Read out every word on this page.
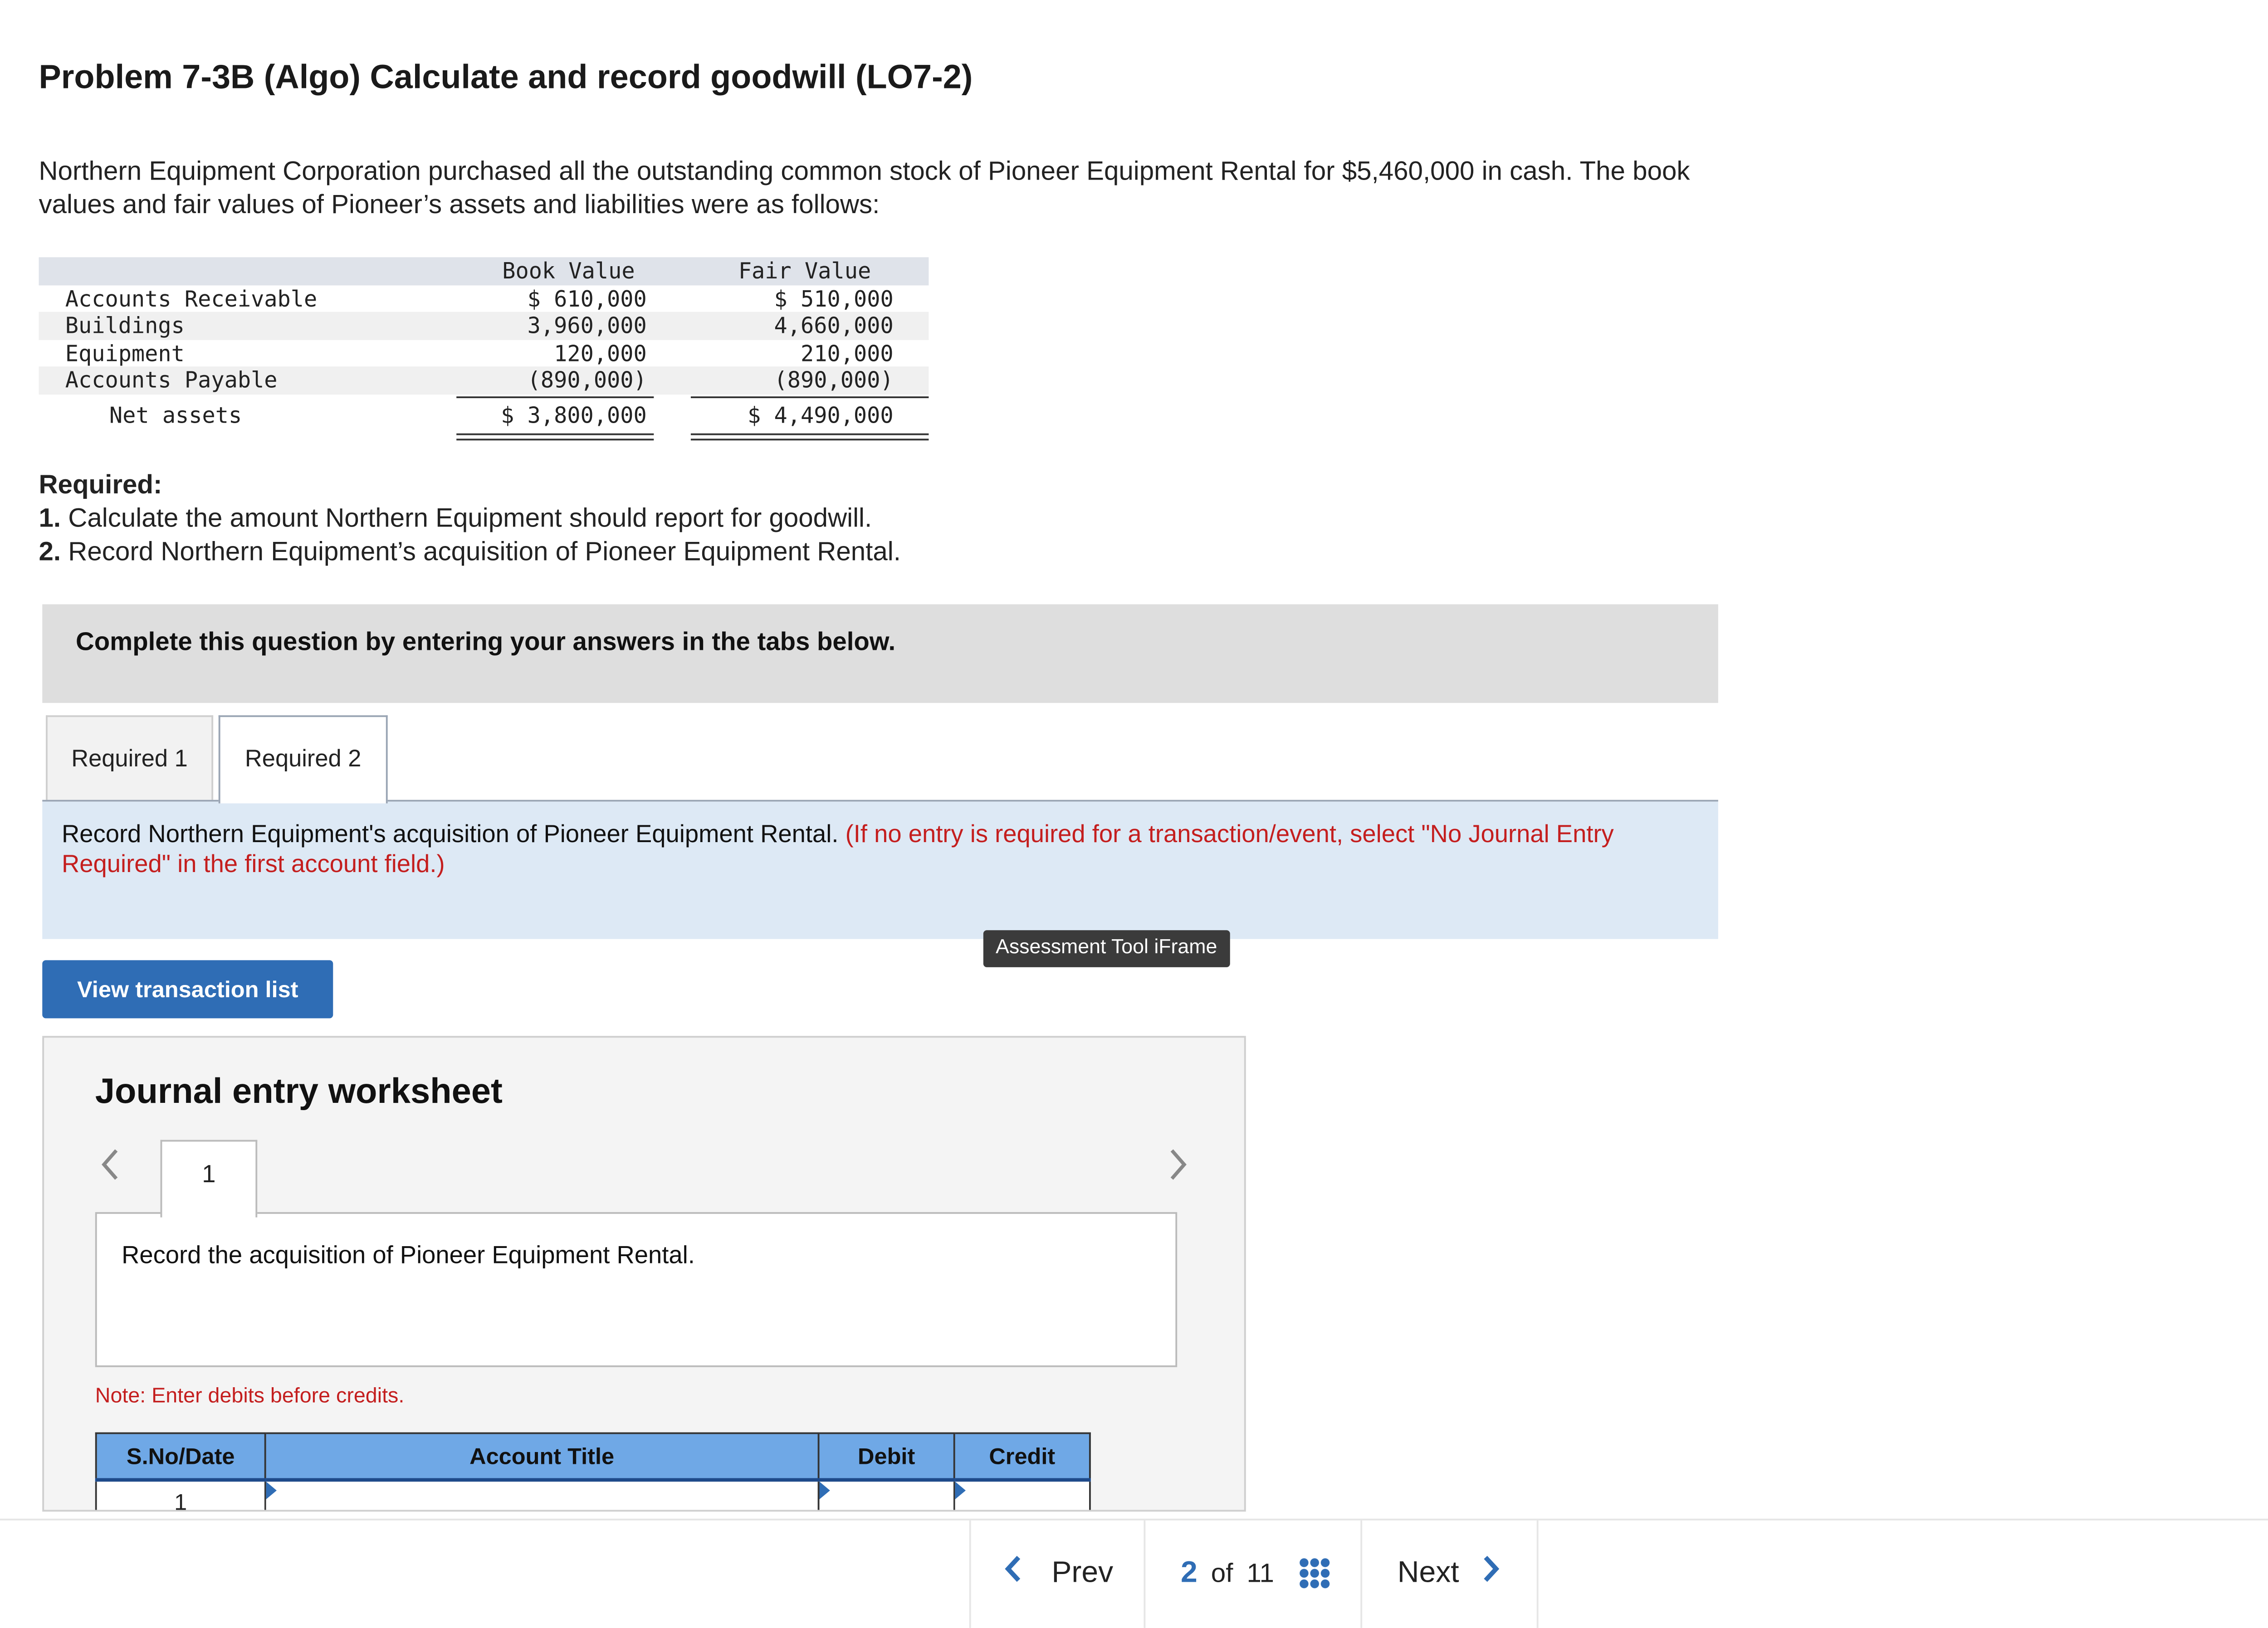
Problem 7-3B (Algo) Calculate and record goodwill (LO7-2)
Northern Equipment Corporation purchased all the outstanding common stock of Pioneer Equipment Rental for $5,460,000 in cash. The book values and fair values of Pioneer’s assets and liabilities were as follows:
Book Value	Fair Value
Accounts Receivable	$ 610,000	$ 510,000
Buildings	3,960,000	4,660,000
Equipment	120,000	210,000
Accounts Payable	(890,000)	(890,000)
Net assets	$ 3,800,000	$ 4,490,000
Required:
1. Calculate the amount Northern Equipment should report for goodwill.
2. Record Northern Equipment’s acquisition of Pioneer Equipment Rental.
Complete this question by entering your answers in the tabs below.
Required 1	Required 2

Record Northern Equipment's acquisition of Pioneer Equipment Rental. (If no entry is required for a transaction/event, select "No Journal Entry Required" in the first account field.)

Assessment Tool iFrame
View transaction list
Journal entry worksheet
1
Record the acquisition of Pioneer Equipment Rental.
Note: Enter debits before credits.
S.No/Date	Account Title	Debit	Credit
1	

Prev	2 of 11	Next
